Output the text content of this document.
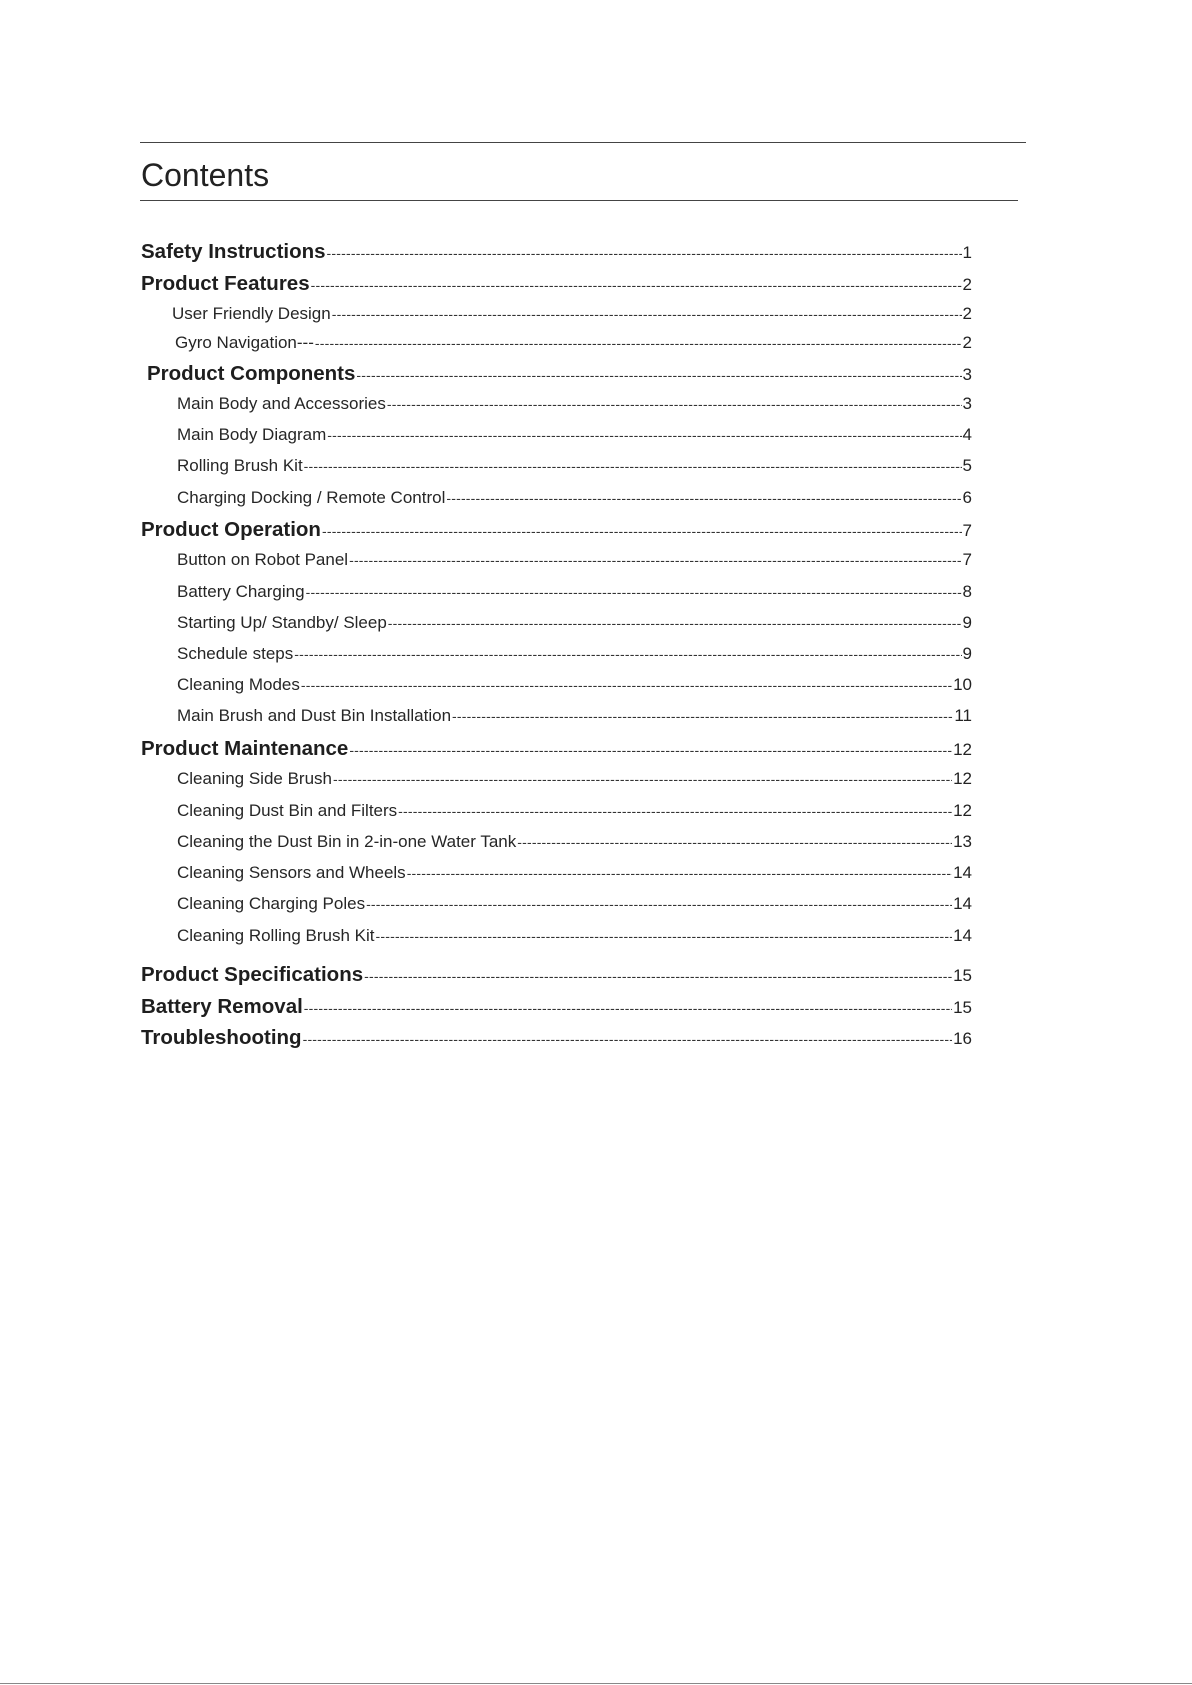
Contents
Safety Instructions -----	1
Product Features -----	2
User Friendly Design -----	2
Gyro Navigation--- -----	2
Product Components -----	3
Main Body and Accessories -----	3
Main Body Diagram -----	4
Rolling Brush Kit -----	5
Charging Docking / Remote Control -----	6
Product Operation -----	7
Button on Robot Panel -----	7
Battery Charging -----	8
Starting Up/ Standby/ Sleep -----	9
Schedule steps -----	9
Cleaning Modes -----	10
Main Brush and Dust Bin Installation -----	11
Product Maintenance -----	12
Cleaning Side Brush -----	12
Cleaning Dust Bin and Filters -----	12
Cleaning the Dust Bin in 2-in-one Water Tank -----	13
Cleaning Sensors and Wheels -----	14
Cleaning Charging Poles -----	14
Cleaning Rolling Brush Kit -----	14
Product Specifications -----	15
Battery Removal -----	15
Troubleshooting -----	16
